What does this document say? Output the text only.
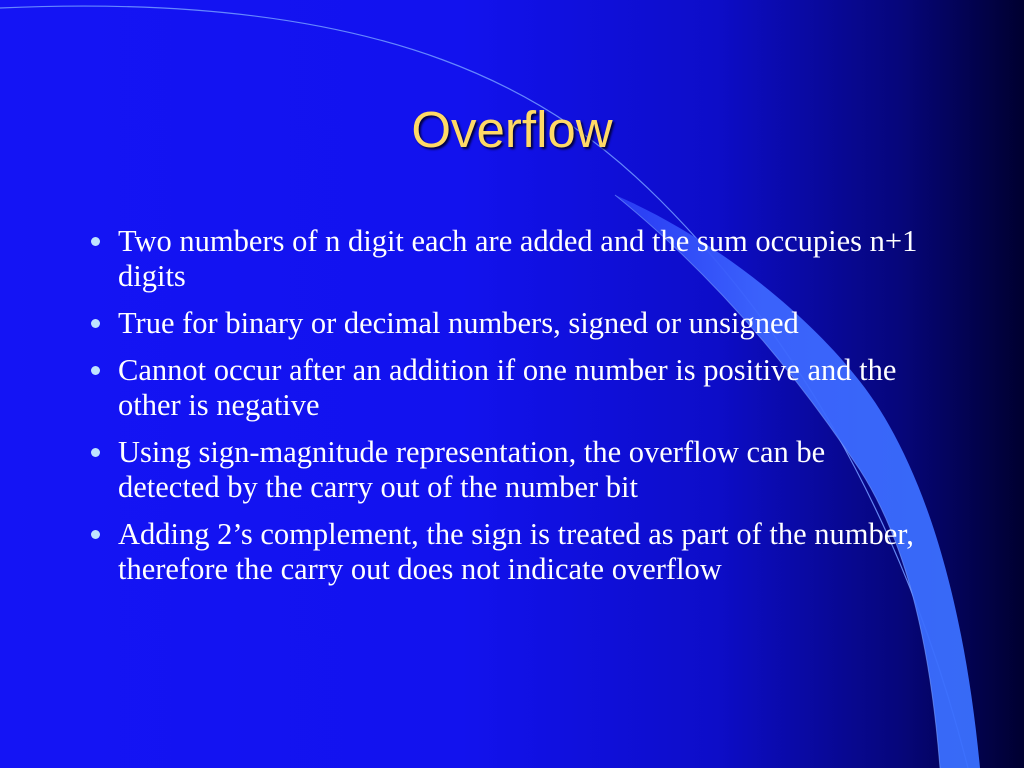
Overflow
Two numbers of n digit each are added and the sum occupies n+1 digits
True for binary or decimal numbers, signed or unsigned
Cannot occur after an addition if one number is positive and the other is negative
Using sign-magnitude representation, the overflow can be detected by the carry out of the number bit
Adding 2’s complement, the sign is treated as part of the number, therefore the carry out does not indicate overflow
